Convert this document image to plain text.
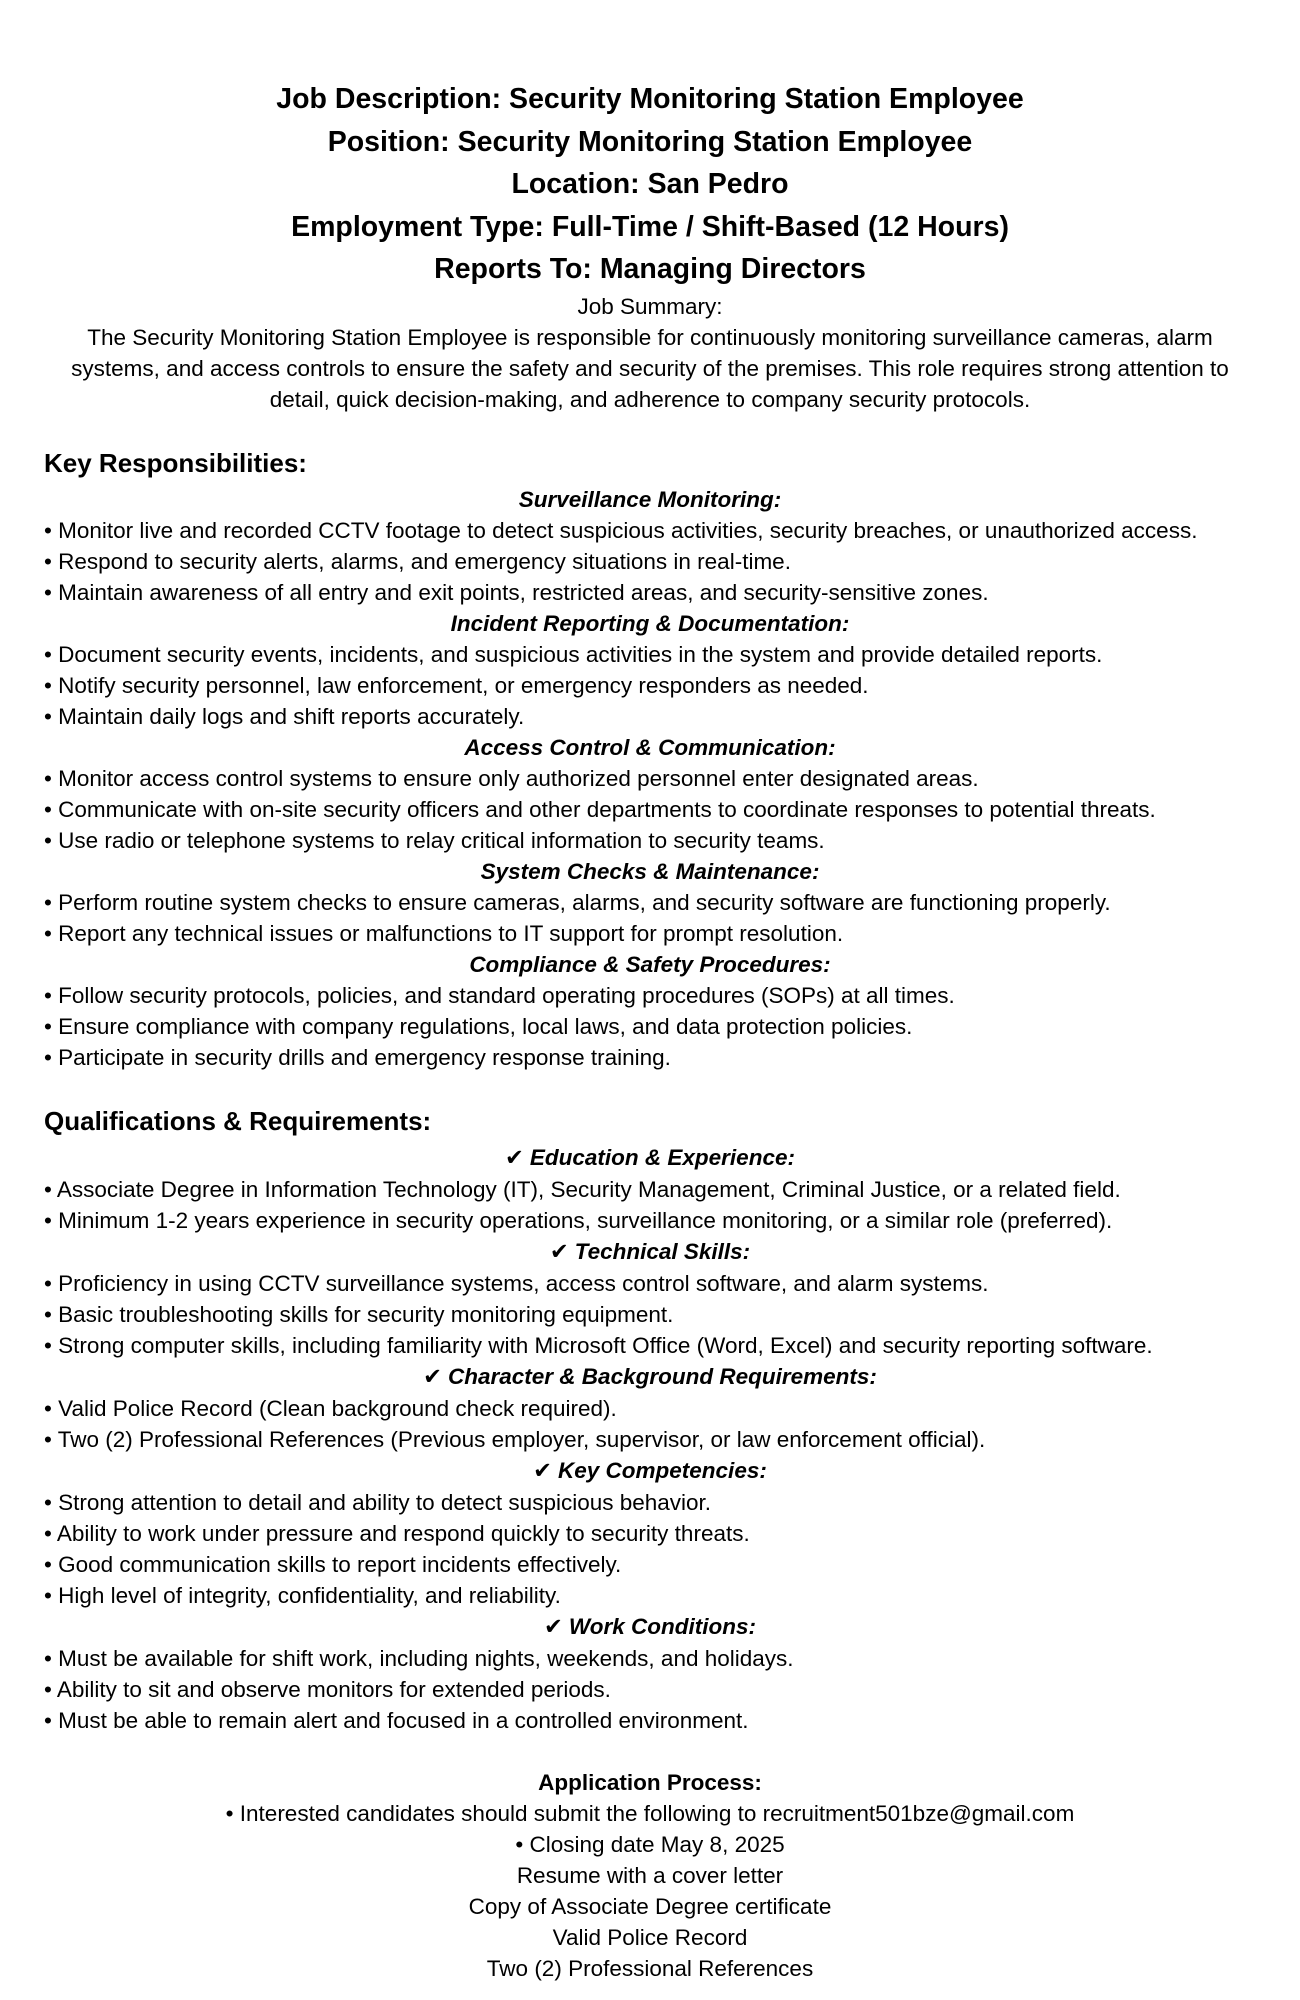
Job Description: Security Monitoring Station Employee

Position: Security Monitoring Station Employee

Location: San Pedro

Employment Type: Full-Time / Shift-Based (12 Hours)

Reports To: Managing Directors

Job Summary:

The Security Monitoring Station Employee is responsible for continuously monitoring surveillance cameras, alarm systems, and access controls to ensure the safety and security of the premises. This role requires strong attention to detail, quick decision-making, and adherence to company security protocols.

Key Responsibilities:

Surveillance Monitoring:

• Monitor live and recorded CCTV footage to detect suspicious activities, security breaches, or unauthorized access.

• Respond to security alerts, alarms, and emergency situations in real-time.

• Maintain awareness of all entry and exit points, restricted areas, and security-sensitive zones.

Incident Reporting & Documentation:

• Document security events, incidents, and suspicious activities in the system and provide detailed reports.

• Notify security personnel, law enforcement, or emergency responders as needed.

• Maintain daily logs and shift reports accurately.

Access Control & Communication:

• Monitor access control systems to ensure only authorized personnel enter designated areas.

• Communicate with on-site security officers and other departments to coordinate responses to potential threats.

• Use radio or telephone systems to relay critical information to security teams.

System Checks & Maintenance:

• Perform routine system checks to ensure cameras, alarms, and security software are functioning properly.

• Report any technical issues or malfunctions to IT support for prompt resolution.

Compliance & Safety Procedures:

• Follow security protocols, policies, and standard operating procedures (SOPs) at all times.

• Ensure compliance with company regulations, local laws, and data protection policies.

• Participate in security drills and emergency response training.

Qualifications & Requirements:

✔ Education & Experience:

• Associate Degree in Information Technology (IT), Security Management, Criminal Justice, or a related field.

• Minimum 1-2 years experience in security operations, surveillance monitoring, or a similar role (preferred).

✔ Technical Skills:

• Proficiency in using CCTV surveillance systems, access control software, and alarm systems.

• Basic troubleshooting skills for security monitoring equipment.

• Strong computer skills, including familiarity with Microsoft Office (Word, Excel) and security reporting software.

✔ Character & Background Requirements:

• Valid Police Record (Clean background check required).

• Two (2) Professional References (Previous employer, supervisor, or law enforcement official).

✔ Key Competencies:

• Strong attention to detail and ability to detect suspicious behavior.

• Ability to work under pressure and respond quickly to security threats.

• Good communication skills to report incidents effectively.

• High level of integrity, confidentiality, and reliability.

✔ Work Conditions:

• Must be available for shift work, including nights, weekends, and holidays.

• Ability to sit and observe monitors for extended periods.

• Must be able to remain alert and focused in a controlled environment.

Application Process:

• Interested candidates should submit the following to recruitment501bze@gmail.com

• Closing date May 8, 2025

Resume with a cover letter

Copy of Associate Degree certificate

Valid Police Record

Two (2) Professional References
